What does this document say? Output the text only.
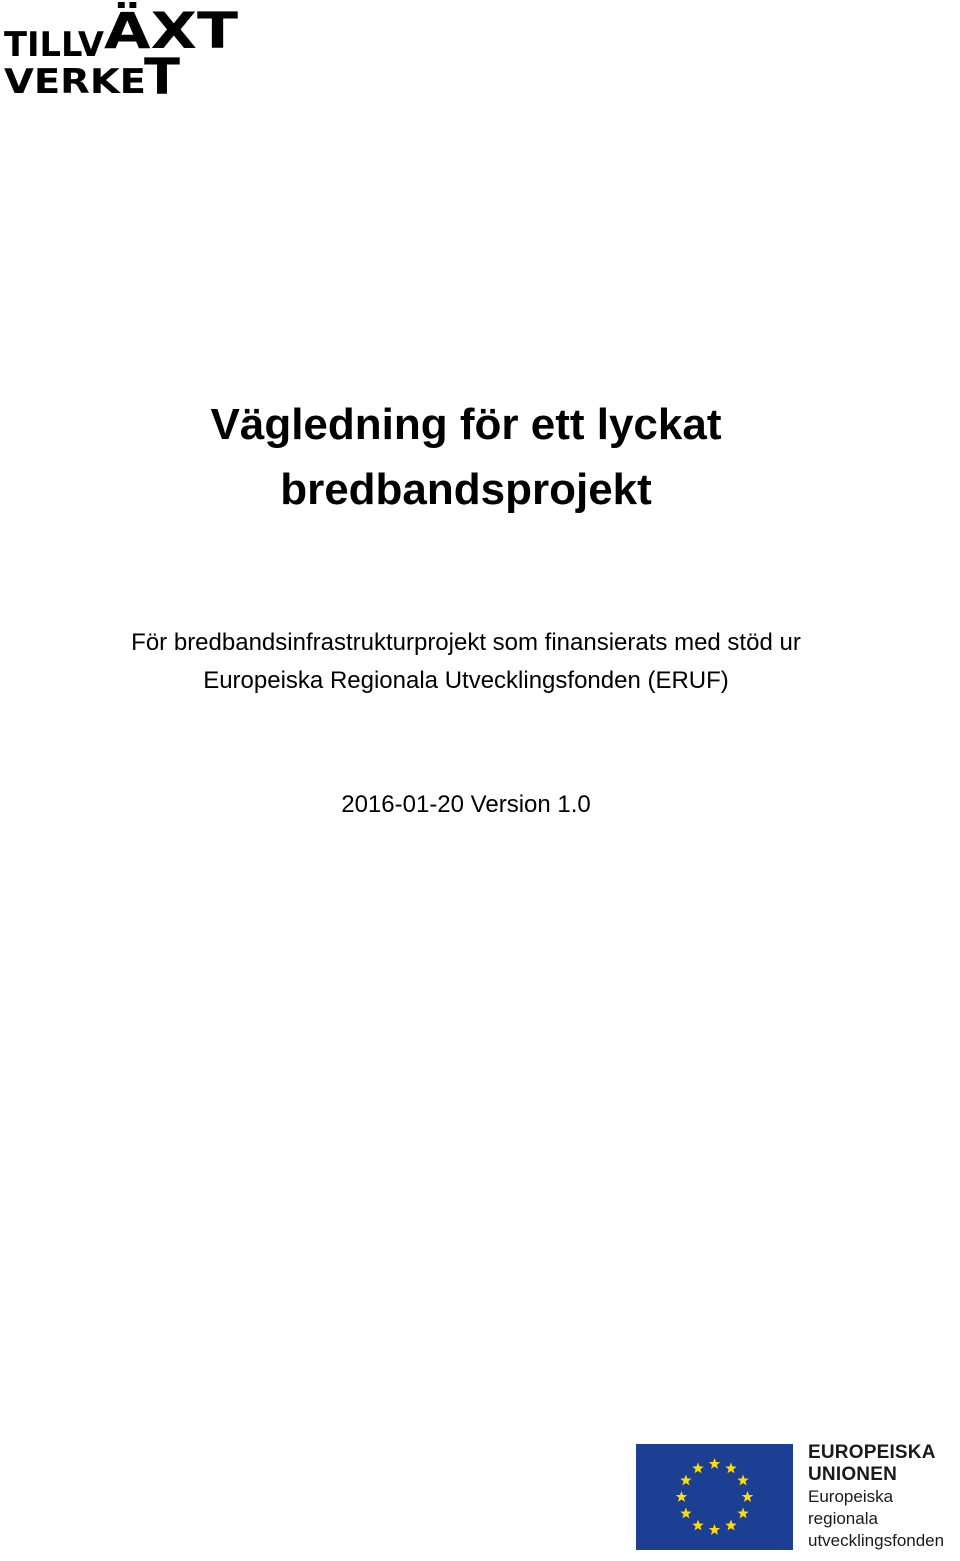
TILLV ÄXT
VERKE
T
Vägledning för ett lyckat
bredbandsprojekt

För bredbandsinfrastrukturprojekt som finansierats med stöd ur
Europeiska Regionala Utvecklingsfonden (ERUF)

2016-01-20 Version 1.0

EUROPEISKA
UNIONEN
Europeiska
regionala
utvecklingsfonden
